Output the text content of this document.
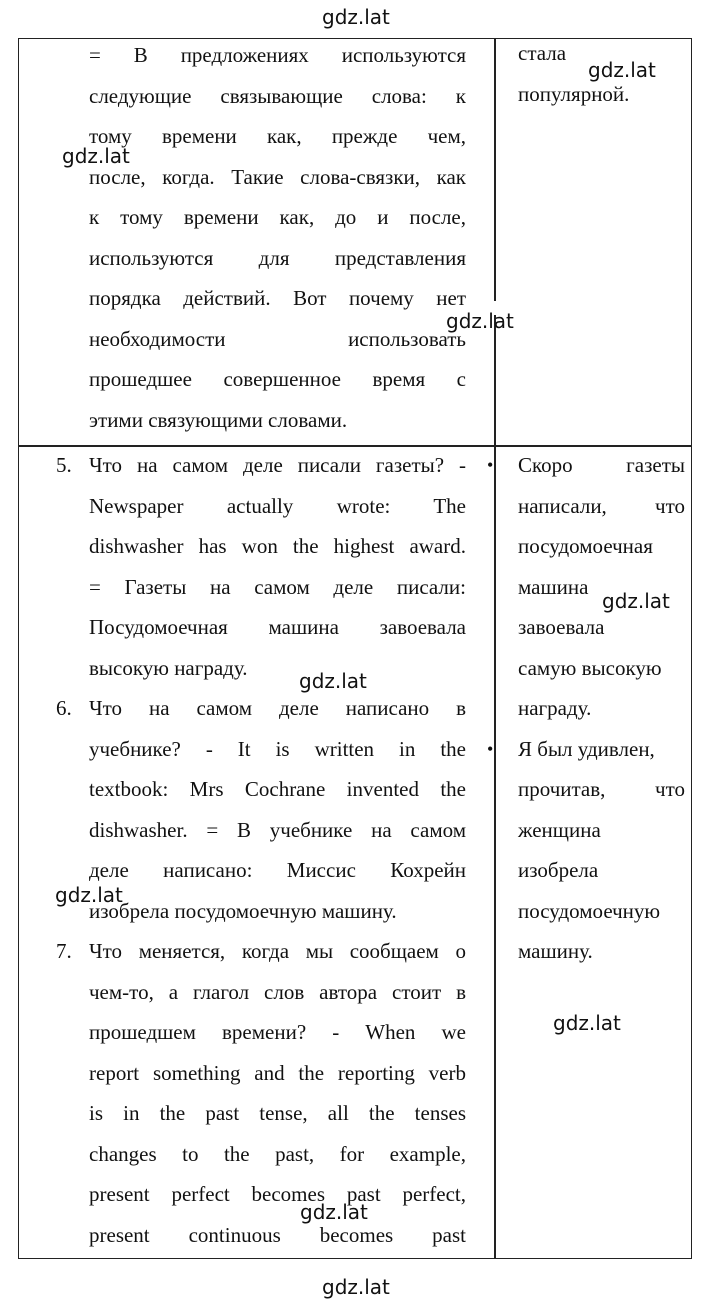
gdz.lat
= В предложениях используются
следующие связывающие слова: к
тому времени как, прежде чем,
после, когда. Такие слова-связки, как
к тому времени как, до и после,
используются для представления
порядка действий. Вот почему нет
необходимости использовать
прошедшее совершенное время с
этими связующими словами.
стала
популярной.
5. Что на самом деле писали газеты? -
Newspaper actually wrote: The
dishwasher has won the highest award.
= Газеты на самом деле писали:
Посудомоечная машина завоевала
высокую награду.
6. Что на самом деле написано в
учебнике? - It is written in the
textbook: Mrs Cochrane invented the
dishwasher. = В учебнике на самом
деле написано: Миссис Кохрейн
изобрела посудомоечную машину.
7. Что меняется, когда мы сообщаем о
чем-то, а глагол слов автора стоит в
прошедшем времени? - When we
report something and the reporting verb
is in the past tense, all the tenses
changes to the past, for example,
present perfect becomes past perfect,
present continuous becomes past
• Скоро газеты
написали, что
посудомоечная
машина
завоевала
самую высокую
награду.
• Я был удивлен,
прочитав, что
женщина
изобрела
посудомоечную
машину.
gdz.lat
gdz.lat
gdz.lat
gdz.lat
gdz.lat
gdz.lat
gdz.lat
gdz.lat
gdz.lat
